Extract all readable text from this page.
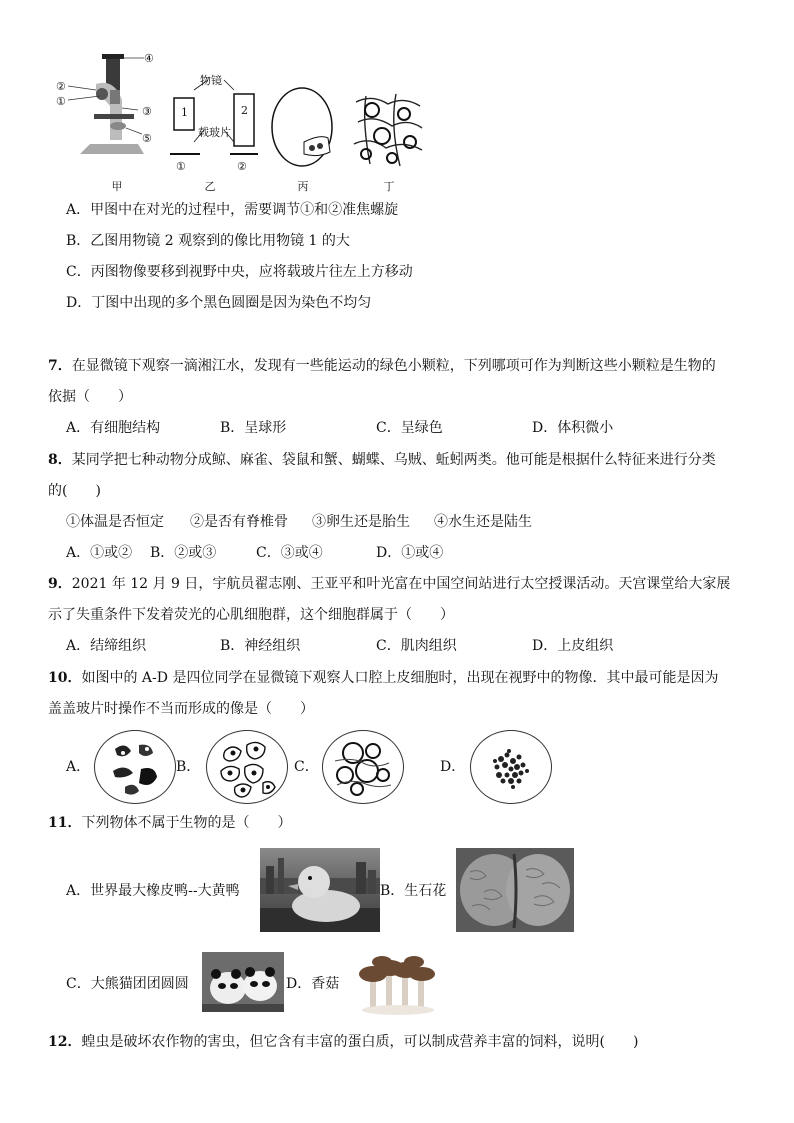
④
②
①
③
⑤
物镜
1	2
载玻片
①	②
甲	乙	丙	丁
A．甲图中在对光的过程中，需要调节①和②准焦螺旋
B．乙图用物镜 2 观察到的像比用物镜 1 的大
C．丙图物像要移到视野中央，应将载玻片往左上方移动
D．丁图中出现的多个黑色圆圈是因为染色不均匀
7．在显微镜下观察一滴湘江水，发现有一些能运动的绿色小颗粒，下列哪项可作为判断这些小颗粒是生物的
依据（　　）
A．有细胞结构	B．呈球形	C．呈绿色	D．体积微小
8．某同学把七种动物分成鲸、麻雀、袋鼠和蟹、蝴蝶、乌贼、蚯蚓两类。他可能是根据什么特征来进行分类
的(　　)
①体温是否恒定 ②是否有脊椎骨 ③卵生还是胎生 ④水生还是陆生
A．①或② B．②或③	C．③或④	D．①或④
9．2021 年 12 月 9 日，宇航员翟志刚、王亚平和叶光富在中国空间站进行太空授课活动。天宫课堂给大家展
示了失重条件下发着荧光的心肌细胞群，这个细胞群属于（　　）
A．结缔组织	B．神经组织	C．肌肉组织	D．上皮组织
10．如图中的 A-D 是四位同学在显微镜下观察人口腔上皮细胞时，出现在视野中的物像．其中最可能是因为
盖盖玻片时操作不当而形成的像是（　　）
A．	B．	C．	D．
11．下列物体不属于生物的是（　　）
A．世界最大橡皮鸭--大黄鸭	B．生石花
C．大熊猫团团圆圆	D．香菇
12．蝗虫是破坏农作物的害虫，但它含有丰富的蛋白质，可以制成营养丰富的饲料，说明(　　)
